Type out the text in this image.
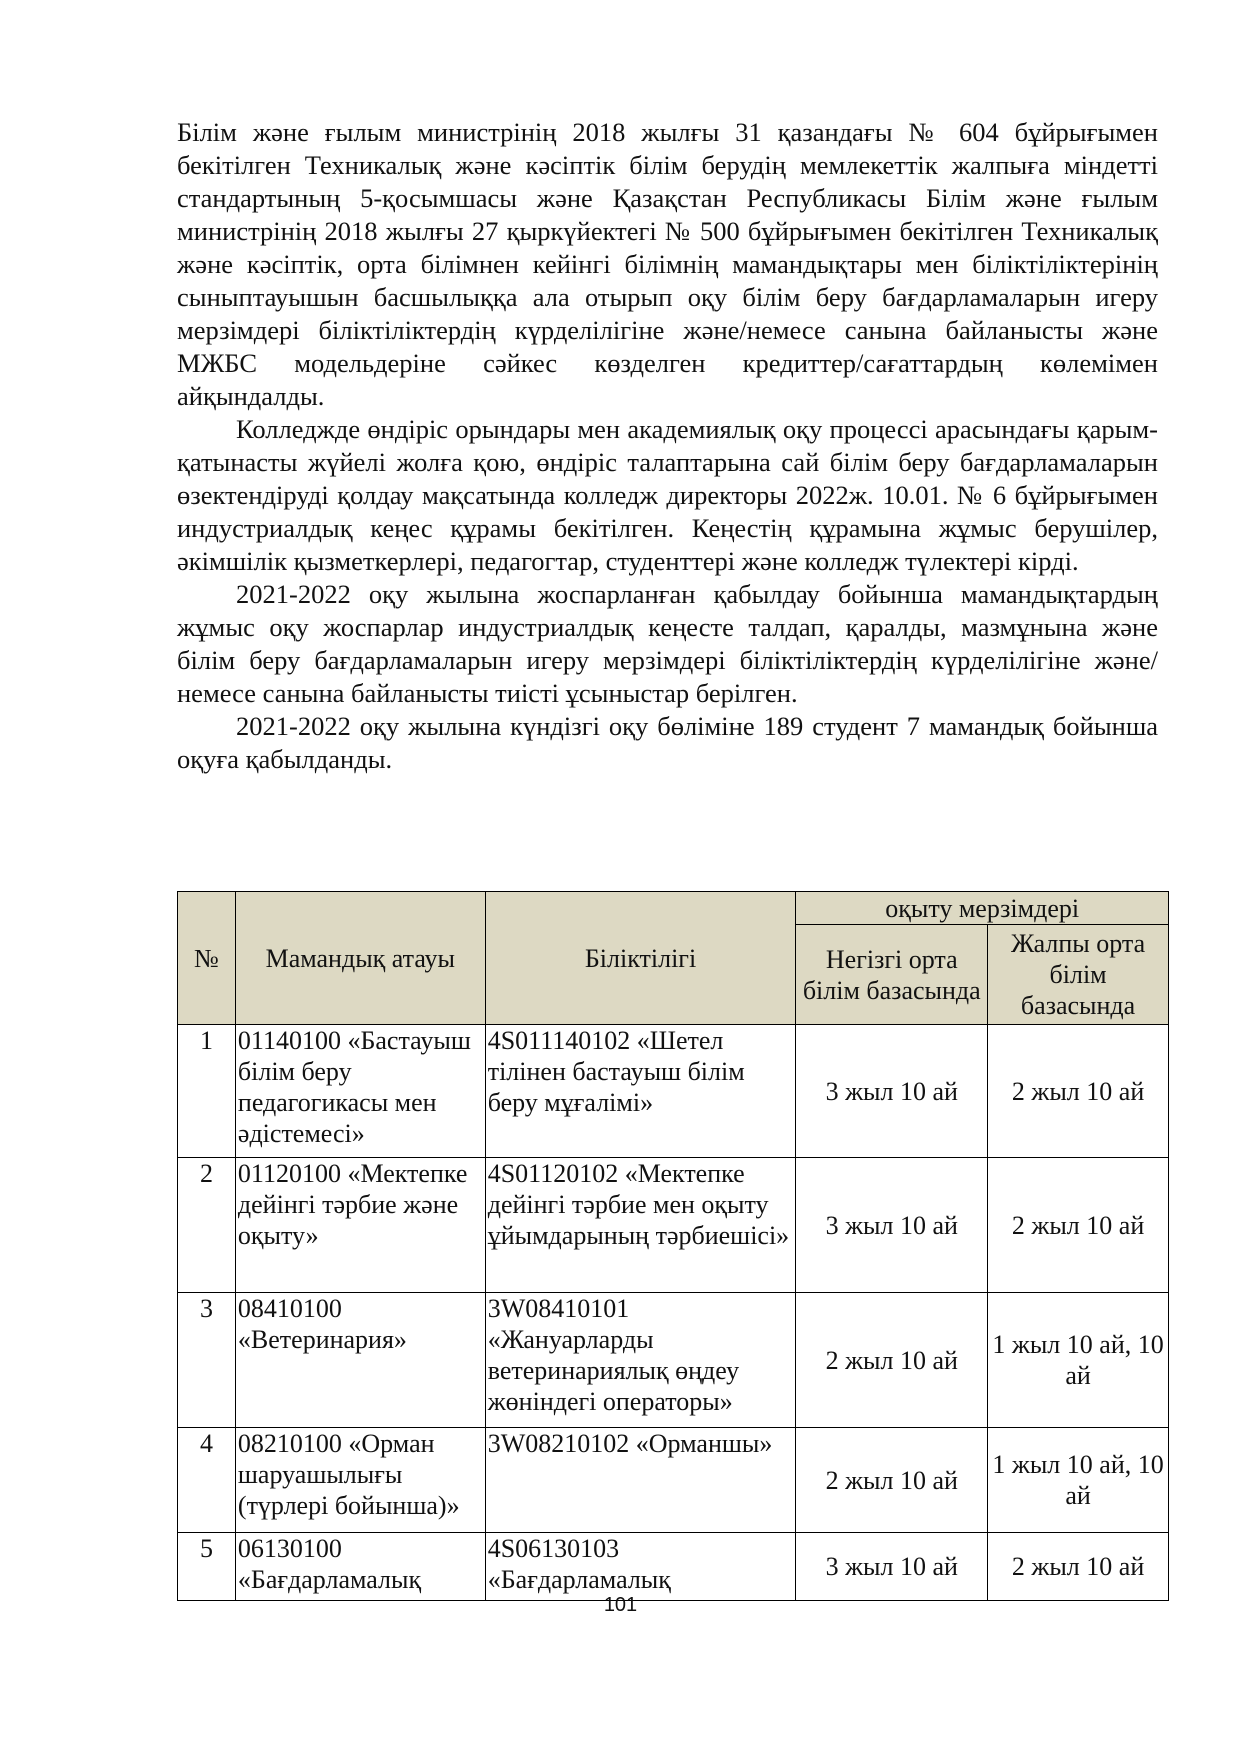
Білім және ғылым министрінің 2018 жылғы 31 қазандағы № 604 бұйрығымен бекітілген Техникалық және кәсіптік білім берудің мемлекеттік жалпыға міндетті стандартының 5-қосымшасы және Қазақстан Республикасы Білім және ғылым министрінің 2018 жылғы 27 қыркүйектегі № 500 бұйрығымен бекітілген Техникалық және кәсіптік, орта білімнен кейінгі білімнің мамандықтары мен біліктіліктерінің сыныптауышын басшылыққа ала отырып оқу білім беру бағдарламаларын игеру мерзімдері біліктіліктердің күрделілігіне және/немесе санына байланысты және МЖБС модельдеріне сәйкес көзделген кредиттер/сағаттардың көлемімен айқындалды.

Колледжде өндіріс орындары мен академиялық оқу процессі арасындағы қарым-қатынасты жүйелі жолға қою, өндіріс талаптарына сай білім беру бағдарламаларын өзектендіруді қолдау мақсатында колледж директоры 2022ж. 10.01. № 6 бұйрығымен индустриалдық кеңес құрамы бекітілген. Кеңестің құрамына жұмыс берушілер, әкімшілік қызметкерлері, педагогтар, студенттері және колледж түлектері кірді.

2021-2022 оқу жылына жоспарланған қабылдау бойынша мамандықтардың жұмыс оқу жоспарлар индустриалдық кеңесте талдап, қаралды, мазмұнына және білім беру бағдарламаларын игеру мерзімдері біліктіліктердің күрделілігіне және/немесе санына байланысты тиісті ұсыныстар берілген.

2021-2022 оқу жылына күндізгі оқу бөліміне 189 студент 7 мамандық бойынша оқуға қабылданды.

№	Мамандық атауы	Біліктілігі	оқыту мерзімдері	
			Негізгі орта білім базасында	Жалпы орта білім базасында
1	01140100 «Бастауыш білім беру педагогикасы мен әдістемесі»	4S011140102 «Шетел тілінен бастауыш білім беру мұғалімі»	3 жыл 10 ай	2 жыл 10 ай
2	01120100 «Мектепке дейінгі тәрбие және оқыту»	4S01120102 «Мектепке дейінгі тәрбие мен оқыту ұйымдарының тәрбиешісі»	3 жыл 10 ай	2 жыл 10 ай
3	08410100 «Ветеринария»	3W08410101 «Жануарларды ветеринариялық өңдеу жөніндегі операторы»	2 жыл 10 ай	1 жыл 10 ай, 10 ай
4	08210100 «Орман шаруашылығы (түрлері бойынша)»	3W08210102 «Орманшы»	2 жыл 10 ай	1 жыл 10 ай, 10 ай
5	06130100 «Бағдарламалық	4S06130103 «Бағдарламалық	3 жыл 10 ай	2 жыл 10 ай
101
